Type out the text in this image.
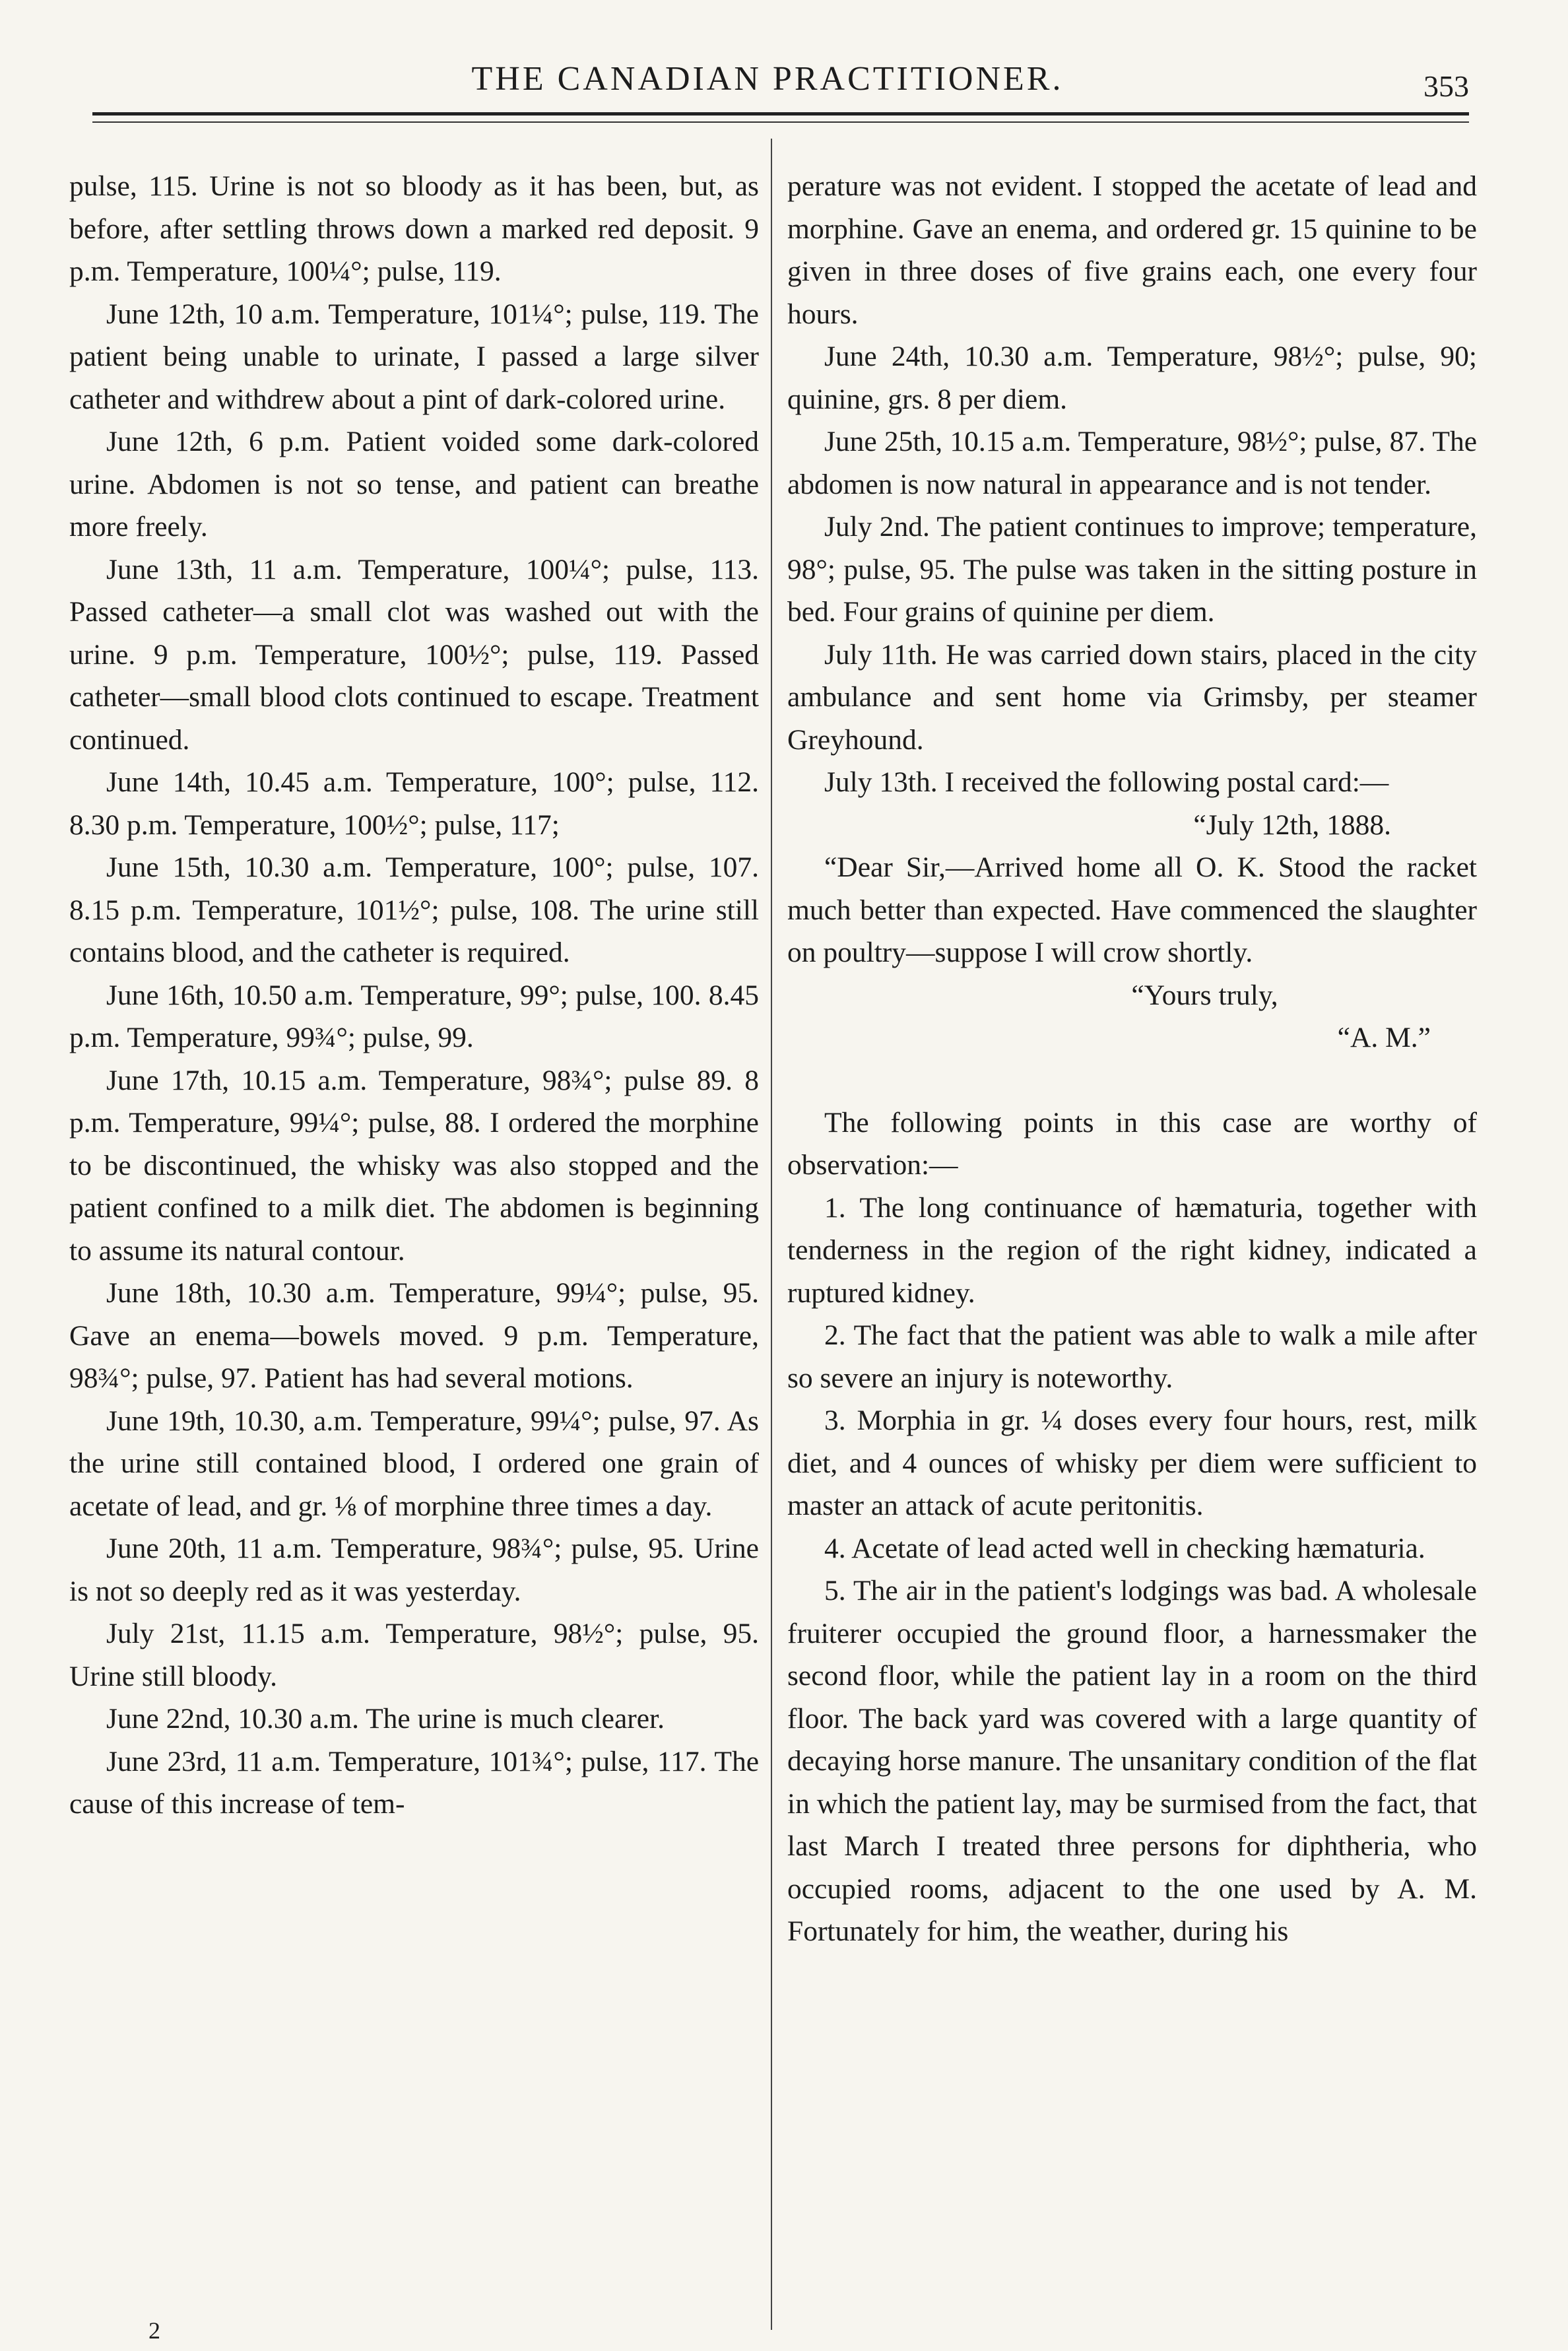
THE CANADIAN PRACTITIONER.	353

pulse, 115. Urine is not so bloody as it has been, but, as before, after settling throws down a marked red deposit. 9 p.m. Temperature, 100¼°; pulse, 119.

June 12th, 10 a.m. Temperature, 101¼°; pulse, 119. The patient being unable to urinate, I passed a large silver catheter and withdrew about a pint of dark-colored urine.

June 12th, 6 p.m. Patient voided some dark-colored urine. Abdomen is not so tense, and patient can breathe more freely.

June 13th, 11 a.m. Temperature, 100¼°; pulse, 113. Passed catheter—a small clot was washed out with the urine. 9 p.m. Temperature, 100½°; pulse, 119. Passed catheter—small blood clots continued to escape. Treatment continued.

June 14th, 10.45 a.m. Temperature, 100°; pulse, 112. 8.30 p.m. Temperature, 100½°; pulse, 117;

June 15th, 10.30 a.m. Temperature, 100°; pulse, 107. 8.15 p.m. Temperature, 101½°; pulse, 108. The urine still contains blood, and the catheter is required.

June 16th, 10.50 a.m. Temperature, 99°; pulse, 100. 8.45 p.m. Temperature, 99¾°; pulse, 99.

June 17th, 10.15 a.m. Temperature, 98¾°; pulse 89. 8 p.m. Temperature, 99¼°; pulse, 88. I ordered the morphine to be discontinued, the whisky was also stopped and the patient confined to a milk diet. The abdomen is beginning to assume its natural contour.

June 18th, 10.30 a.m. Temperature, 99¼°; pulse, 95. Gave an enema—bowels moved. 9 p.m. Temperature, 98¾°; pulse, 97. Patient has had several motions.

June 19th, 10.30, a.m. Temperature, 99¼°; pulse, 97. As the urine still contained blood, I ordered one grain of acetate of lead, and gr. ⅛ of morphine three times a day.

June 20th, 11 a.m. Temperature, 98¾°; pulse, 95. Urine is not so deeply red as it was yesterday.

July 21st, 11.15 a.m. Temperature, 98½°; pulse, 95. Urine still bloody.

June 22nd, 10.30 a.m. The urine is much clearer.

June 23rd, 11 a.m. Temperature, 101¾°; pulse, 117. The cause of this increase of tem-

perature was not evident. I stopped the acetate of lead and morphine. Gave an enema, and ordered gr. 15 quinine to be given in three doses of five grains each, one every four hours.

June 24th, 10.30 a.m. Temperature, 98½°; pulse, 90; quinine, grs. 8 per diem.

June 25th, 10.15 a.m. Temperature, 98½°; pulse, 87. The abdomen is now natural in appearance and is not tender.

July 2nd. The patient continues to improve; temperature, 98°; pulse, 95. The pulse was taken in the sitting posture in bed. Four grains of quinine per diem.

July 11th. He was carried down stairs, placed in the city ambulance and sent home via Grimsby, per steamer Greyhound.

July 13th. I received the following postal card:—

“July 12th, 1888.

“Dear Sir,—Arrived home all O. K. Stood the racket much better than expected. Have commenced the slaughter on poultry—suppose I will crow shortly.

“Yours truly,

“A. M.”

The following points in this case are worthy of observation:—

1. The long continuance of hæmaturia, together with tenderness in the region of the right kidney, indicated a ruptured kidney.

2. The fact that the patient was able to walk a mile after so severe an injury is noteworthy.

3. Morphia in gr. ¼ doses every four hours, rest, milk diet, and 4 ounces of whisky per diem were sufficient to master an attack of acute peritonitis.

4. Acetate of lead acted well in checking hæmaturia.

5. The air in the patient's lodgings was bad. A wholesale fruiterer occupied the ground floor, a harnessmaker the second floor, while the patient lay in a room on the third floor. The back yard was covered with a large quantity of decaying horse manure. The unsanitary condition of the flat in which the patient lay, may be surmised from the fact, that last March I treated three persons for diphtheria, who occupied rooms, adjacent to the one used by A. M. Fortunately for him, the weather, during his

2
